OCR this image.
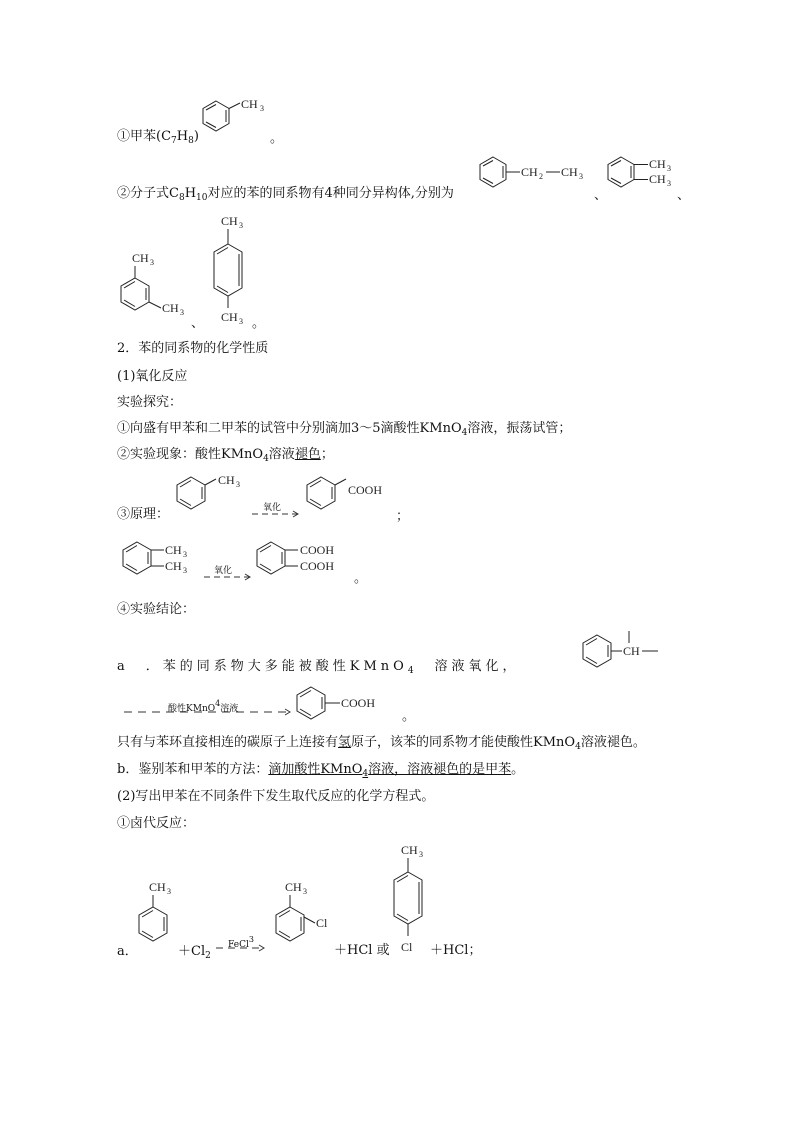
①甲苯$(C_7H_8)$
CH 3
。
②分子式$C_8H_{10}$对应的苯的同系物有4种同分异构体,分别为
CH 2 CH 3
、
CH 3
CH 3
、
CH 3
CH 3
、
CH 3
CH 3 。
2．苯的同系物的化学性质
(1)氧化反应
实验探究：
①向盛有甲苯和二甲苯的试管中分别滴加3～5滴酸性KMnO$_4$溶液，振荡试管；
②实验现象：酸性KMnO$_4$溶液褪色；
③原理：
CH 3
氧化
COOH
；
CH 3
CH 3	氧化
COOH
COOH
。
④实验结论：
a　．苯的同系物大多能被酸性KMnO$_4$　溶液氧化，
CH
酸性KMnO4溶液	COOH
。
只有与苯环直接相连的碳原子上连接有氢原子，该苯的同系物才能使酸性KMnO$_4$溶液褪色。
b．鉴别苯和甲苯的方法：滴加酸性KMnO$_4$溶液，溶液褪色的是甲苯。
(2)写出甲苯在不同条件下发生取代反应的化学方程式。
①卤代反应：
a．
CH 3
$+Cl_2$
FeCl3
CH 3
Cl
＋HCl 或
CH 3
Cl ＋HCl；
